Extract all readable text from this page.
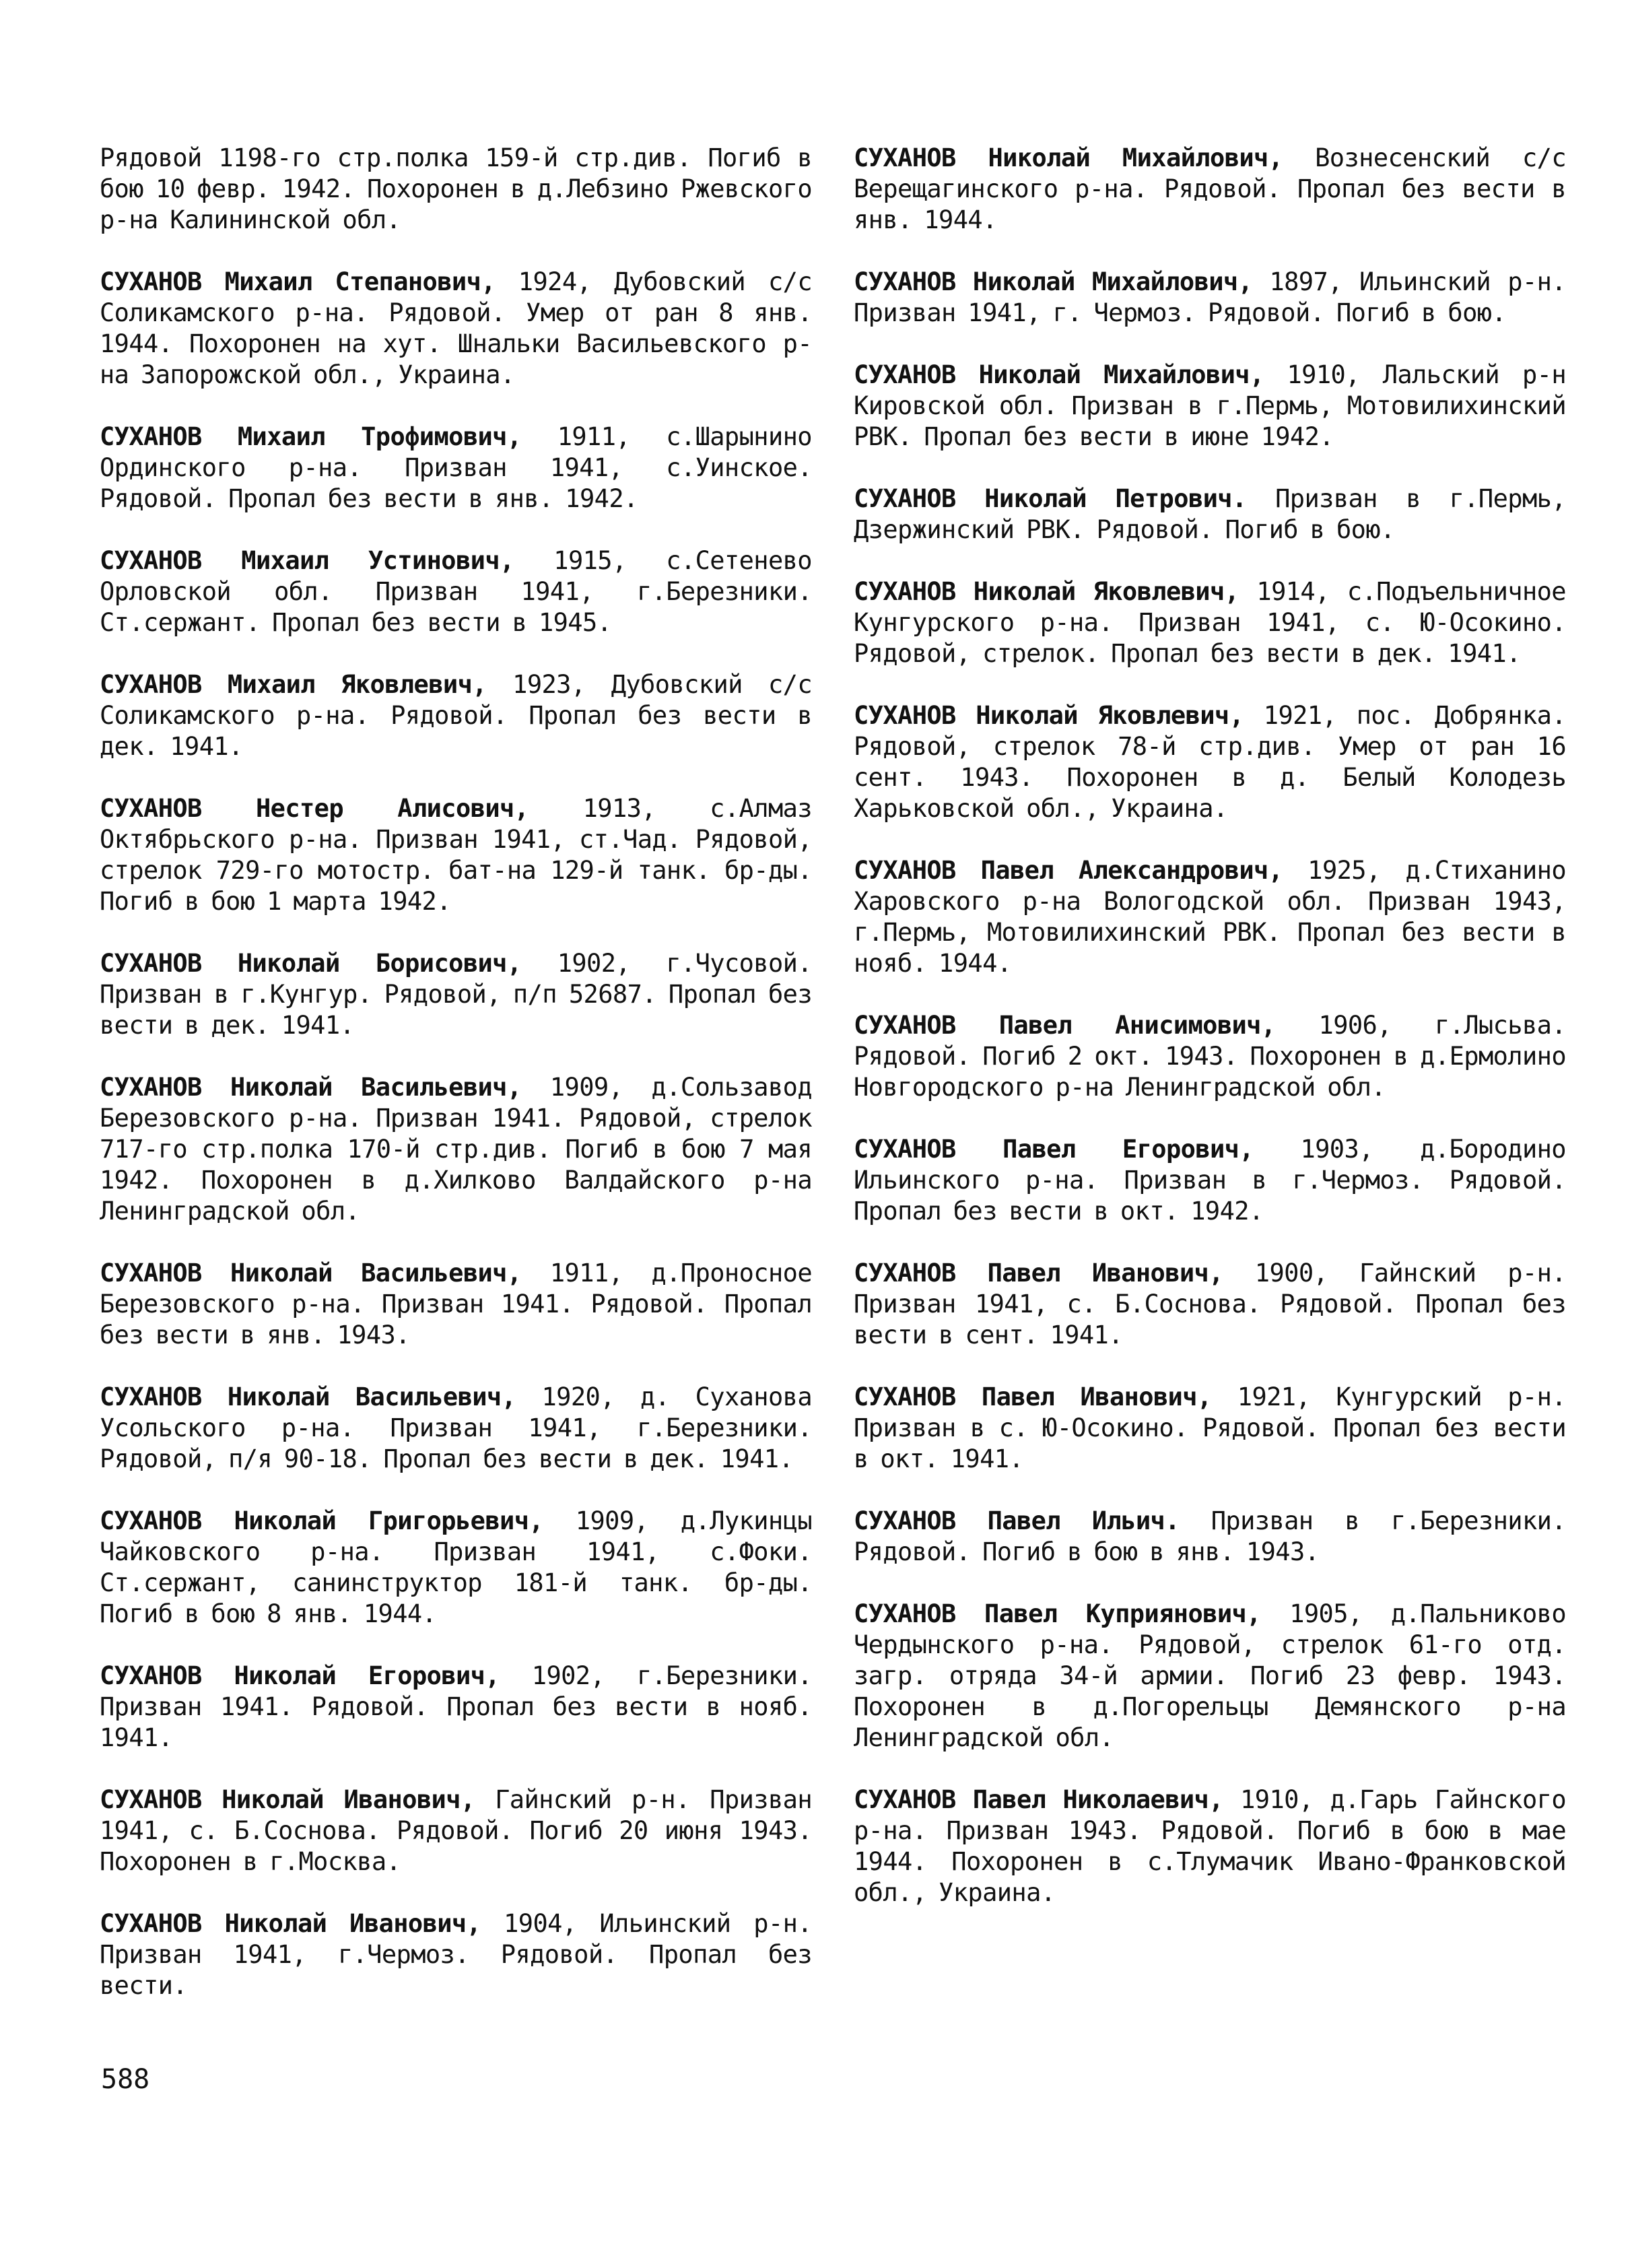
Рядовой 1198-го стр.полка 159-й стр.див. Погиб в бою 10 февр. 1942. Похоронен в д.Лебзино Ржевского р-на Калининской обл.

СУХАНОВ Михаил Степанович, 1924, Дубовский с/с Соликамского р-на. Рядовой. Умер от ран 8 янв. 1944. Похоронен на хут. Шнальки Васильевского р-на Запорожской обл., Украина.

СУХАНОВ Михаил Трофимович, 1911, с.Шарынино Ординского р-на. Призван 1941, с.Уинское. Рядовой. Пропал без вести в янв. 1942.

СУХАНОВ Михаил Устинович, 1915, с.Сетенево Орловской обл. Призван 1941, г.Березники. Ст.сержант. Пропал без вести в 1945.

СУХАНОВ Михаил Яковлевич, 1923, Дубовский с/с Соликамского р-на. Рядовой. Пропал без вести в дек. 1941.

СУХАНОВ Нестер Алисович, 1913, с.Алмаз Октябрьского р-на. Призван 1941, ст.Чад. Рядовой, стрелок 729-го мотостр. бат-на 129-й танк. бр-ды. Погиб в бою 1 марта 1942.

СУХАНОВ Николай Борисович, 1902, г.Чусовой. Призван в г.Кунгур. Рядовой, п/п 52687. Пропал без вести в дек. 1941.

СУХАНОВ Николай Васильевич, 1909, д.Сользавод Березовского р-на. Призван 1941. Рядовой, стрелок 717-го стр.полка 170-й стр.див. Погиб в бою 7 мая 1942. Похоронен в д.Хилково Валдайского р-на Ленинградской обл.

СУХАНОВ Николай Васильевич, 1911, д.Проносное Березовского р-на. Призван 1941. Рядовой. Пропал без вести в янв. 1943.

СУХАНОВ Николай Васильевич, 1920, д. Суханова Усольского р-на. Призван 1941, г.Березники. Рядовой, п/я 90-18. Пропал без вести в дек. 1941.

СУХАНОВ Николай Григорьевич, 1909, д.Лукинцы Чайковского р-на. Призван 1941, с.Фоки. Ст.сержант, санинструктор 181-й танк. бр-ды. Погиб в бою 8 янв. 1944.

СУХАНОВ Николай Егорович, 1902, г.Березники. Призван 1941. Рядовой. Пропал без вести в нояб. 1941.

СУХАНОВ Николай Иванович, Гайнский р-н. Призван 1941, с. Б.Соснова. Рядовой. Погиб 20 июня 1943. Похоронен в г.Москва.

СУХАНОВ Николай Иванович, 1904, Ильинский р-н. Призван 1941, г.Чермоз. Рядовой. Пропал без вести.

СУХАНОВ Николай Михайлович, Вознесенский с/с Верещагинского р-на. Рядовой. Пропал без вести в янв. 1944.

СУХАНОВ Николай Михайлович, 1897, Ильинский р-н. Призван 1941, г. Чермоз. Рядовой. Погиб в бою.

СУХАНОВ Николай Михайлович, 1910, Лальский р-н Кировской обл. Призван в г.Пермь, Мотовилихинский РВК. Пропал без вести в июне 1942.

СУХАНОВ Николай Петрович. Призван в г.Пермь, Дзержинский РВК. Рядовой. Погиб в бою.

СУХАНОВ Николай Яковлевич, 1914, с.Подъельничное Кунгурского р-на. Призван 1941, с. Ю-Осокино. Рядовой, стрелок. Пропал без вести в дек. 1941.

СУХАНОВ Николай Яковлевич, 1921, пос. Добрянка. Рядовой, стрелок 78-й стр.див. Умер от ран 16 сент. 1943. Похоронен в д. Белый Колодезь Харьковской обл., Украина.

СУХАНОВ Павел Александрович, 1925, д.Стиханино Харовского р-на Вологодской обл. Призван 1943, г.Пермь, Мотовилихинский РВК. Пропал без вести в нояб. 1944.

СУХАНОВ Павел Анисимович, 1906, г.Лысьва. Рядовой. Погиб 2 окт. 1943. Похоронен в д.Ермолино Новгородского р-на Ленинградской обл.

СУХАНОВ Павел Егорович, 1903, д.Бородино Ильинского р-на. Призван в г.Чермоз. Рядовой. Пропал без вести в окт. 1942.

СУХАНОВ Павел Иванович, 1900, Гайнский р-н. Призван 1941, с. Б.Соснова. Рядовой. Пропал без вести в сент. 1941.

СУХАНОВ Павел Иванович, 1921, Кунгурский р-н. Призван в с. Ю-Осокино. Рядовой. Пропал без вести в окт. 1941.

СУХАНОВ Павел Ильич. Призван в г.Березники. Рядовой. Погиб в бою в янв. 1943.

СУХАНОВ Павел Куприянович, 1905, д.Пальниково Чердынского р-на. Рядовой, стрелок 61-го отд. загр. отряда 34-й армии. Погиб 23 февр. 1943. Похоронен в д.Погорельцы Демянского р-на Ленинградской обл.

СУХАНОВ Павел Николаевич, 1910, д.Гарь Гайнского р-на. Призван 1943. Рядовой. Погиб в бою в мае 1944. Похоронен в с.Тлумачик Ивано-Франковской обл., Украина.

588
